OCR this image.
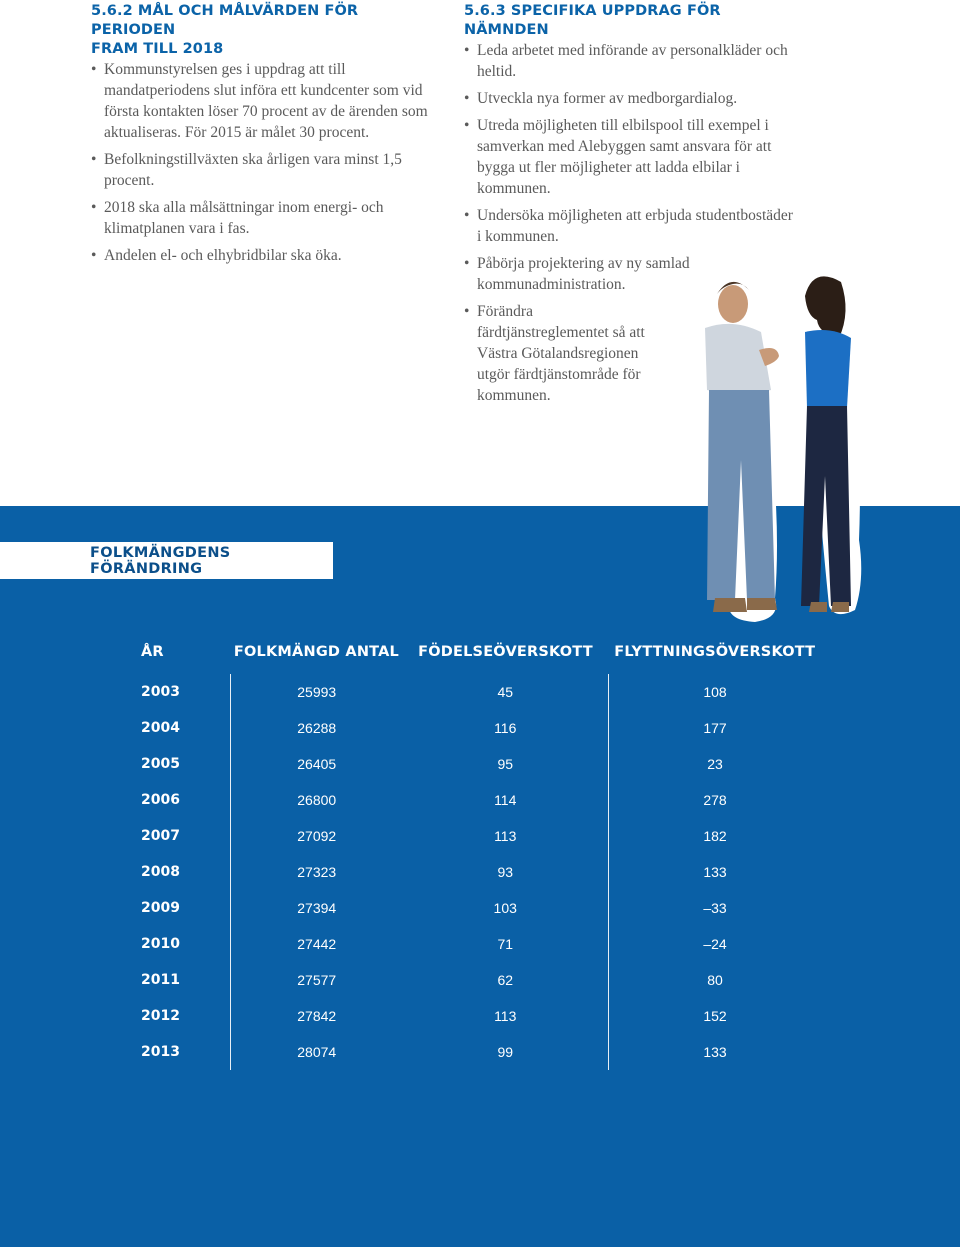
5.6.2 MÅL OCH MÅLVÄRDEN FÖR PERIODEN
FRAM TILL 2018
• Kommunstyrelsen ges i uppdrag att till mandatperiodens slut införa ett kundcenter som vid första kontakten löser 70 procent av de ärenden som aktualiseras. För 2015 är målet 30 procent.
• Befolkningstillväxten ska årligen vara minst 1,5 procent.
• 2018 ska alla målsättningar inom energi- och klimatplanen vara i fas.
• Andelen el- och elhybridbilar ska öka.
5.6.3 SPECIFIKA UPPDRAG FÖR NÄMNDEN
• Leda arbetet med införande av personalkläder och heltid.
• Utveckla nya former av medborgardialog.
• Utreda möjligheten till elbilspool till exempel i samverkan med Alebyggen samt ansvara för att bygga ut fler möjligheter att ladda elbilar i kommunen.
• Undersöka möjligheten att erbjuda studentbostäder i kommunen.
• Påbörja projektering av ny samlad kommunadministration.
• Förändra färdtjänstreglementet så att Västra Götalandsregionen utgör färdtjänstområde för kommunen.
FOLKMÄNGDENS FÖRÄNDRING
ÅR	FOLKMÄNGD ANTAL	FÖDELSEÖVERSKOTT	FLYTTNINGSÖVERSKOTT
2003	25993	45	108
2004	26288	116	177
2005	26405	95	23
2006	26800	114	278
2007	27092	113	182
2008	27323	93	133
2009	27394	103	–33
2010	27442	71	–24
2011	27577	62	80
2012	27842	113	152
2013	28074	99	133
